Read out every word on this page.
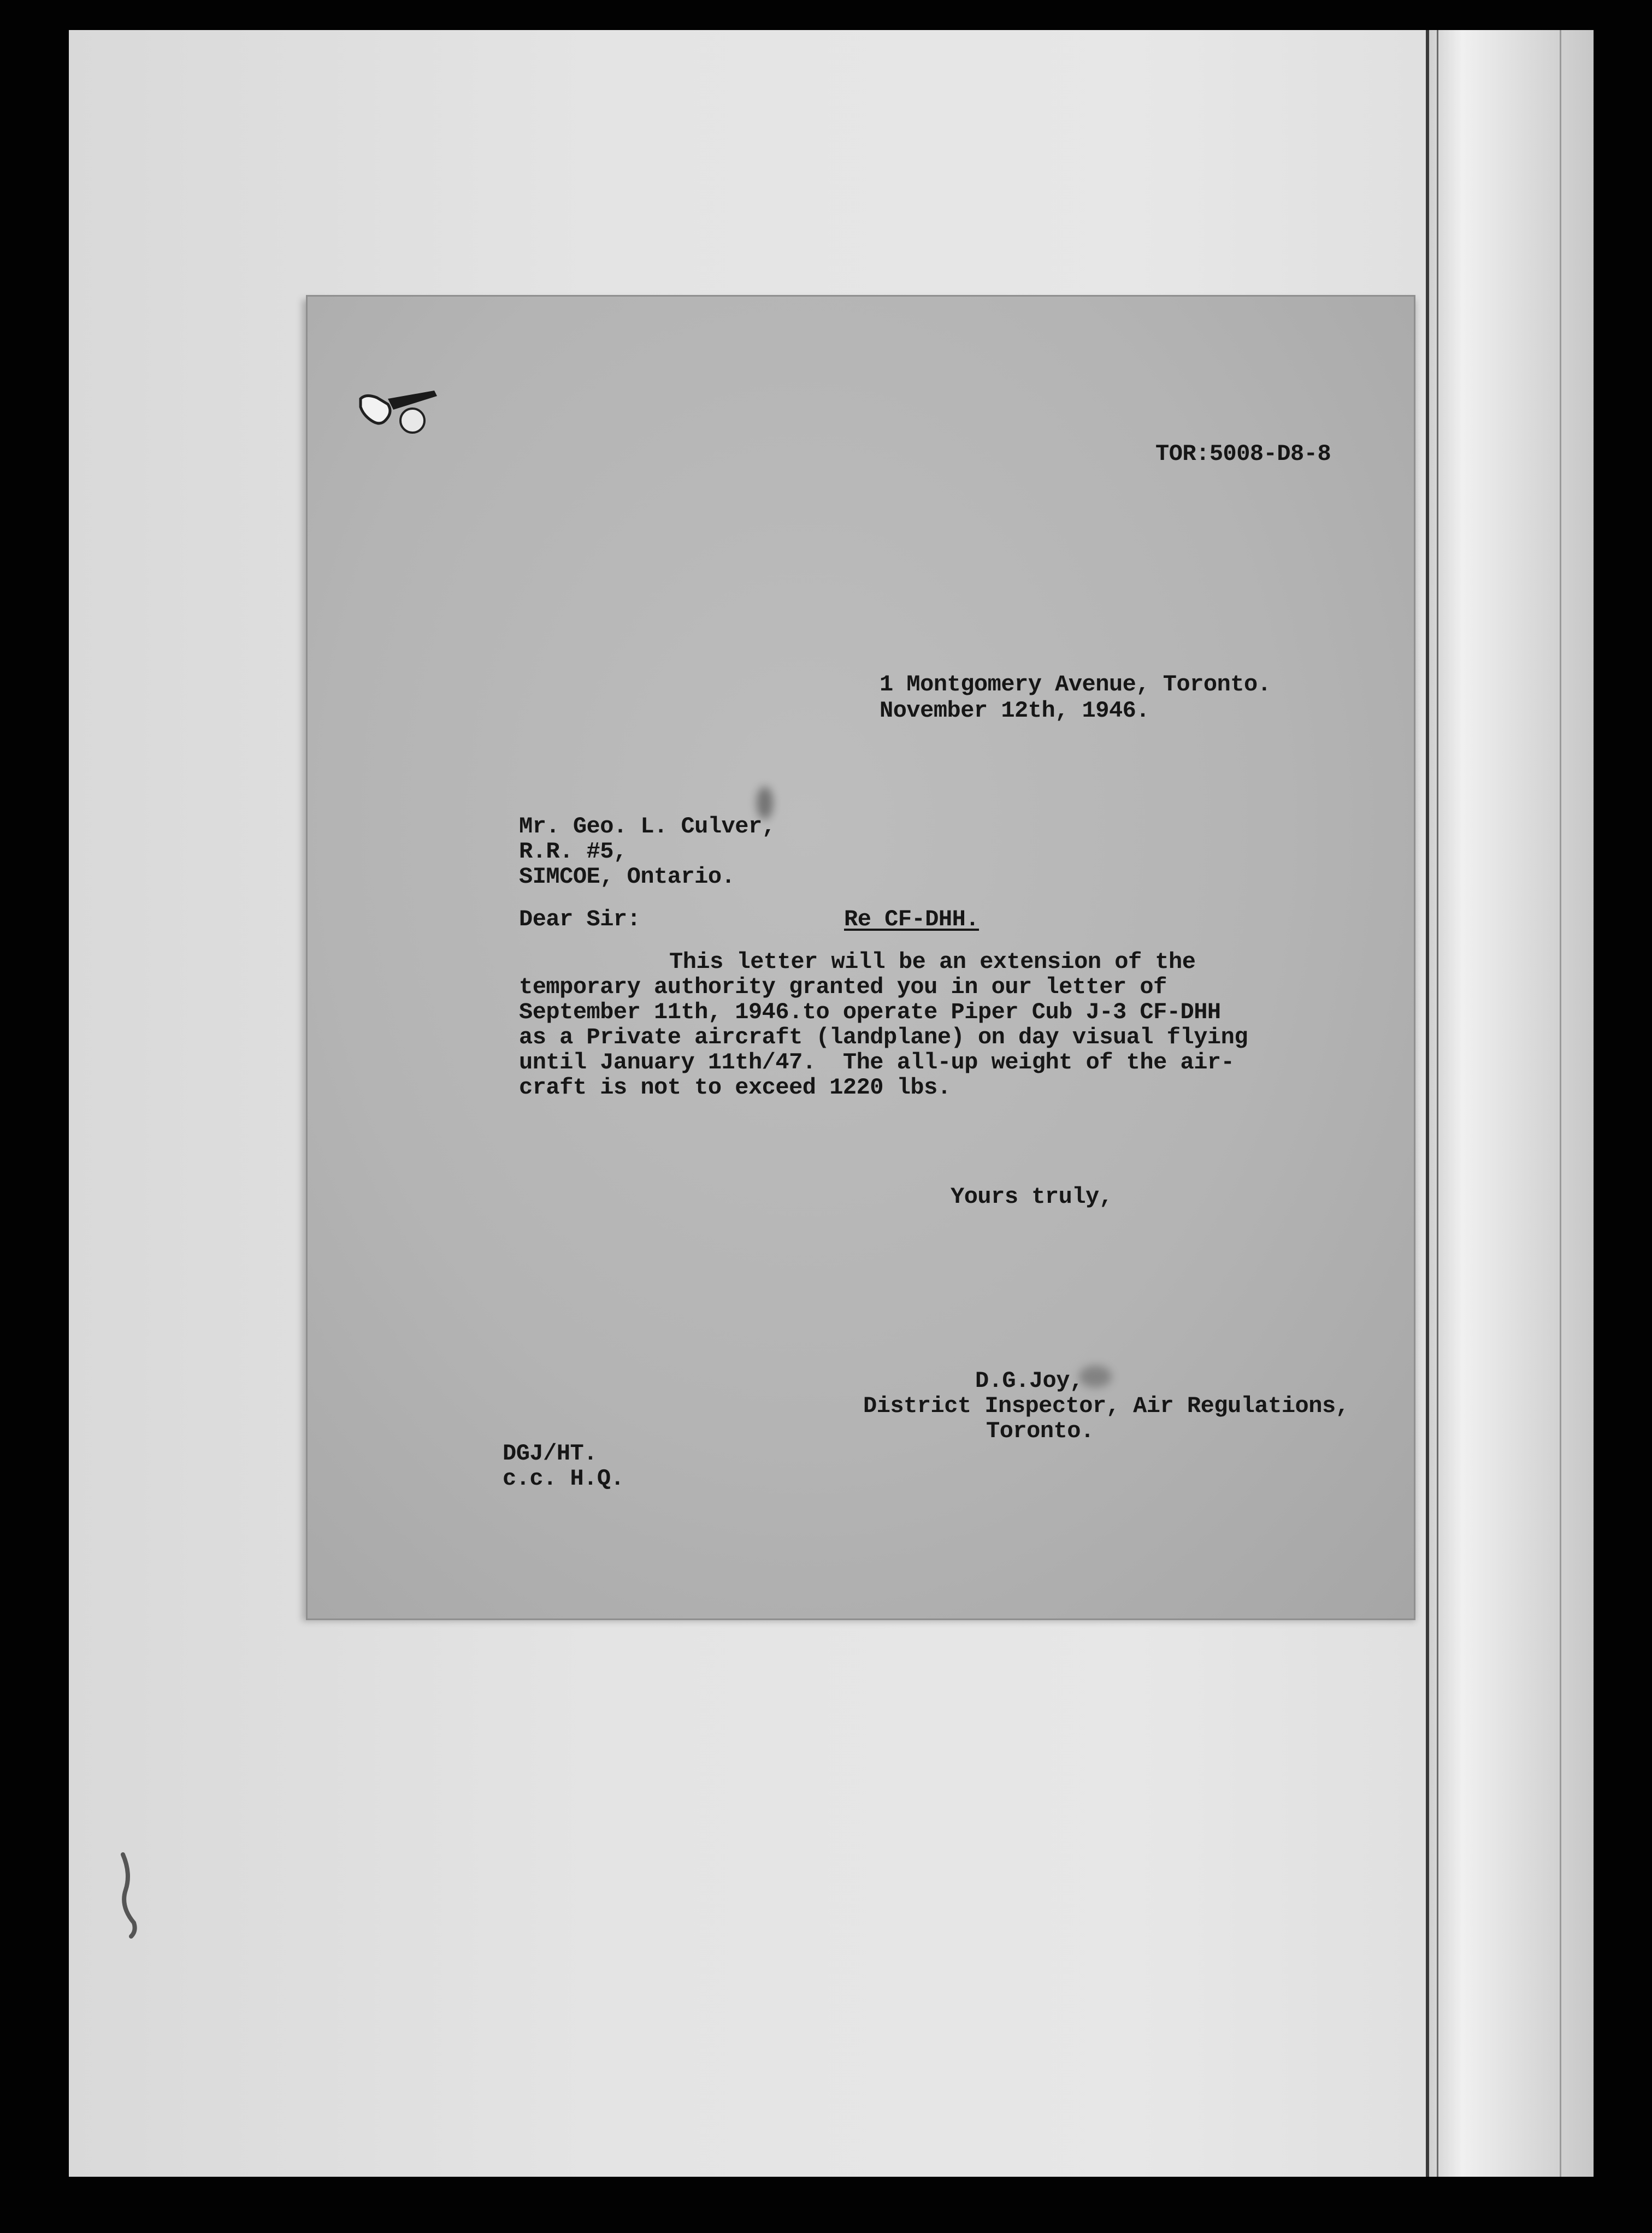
TOR:5008-D8-8
1 Montgomery Avenue, Toronto.
November 12th, 1946.
Mr. Geo. L. Culver,
R.R. #5,
SIMCOE, Ontario.
Dear Sir:	Re CF-DHH.
This letter will be an extension of the
temporary authority granted you in our letter of
September 11th, 1946.to operate Piper Cub J-3 CF-DHH
as a Private aircraft (landplane) on day visual flying
until January 11th/47.  The all-up weight of the air-
craft is not to exceed 1220 lbs.
Yours truly,
D.G.Joy,
District Inspector, Air Regulations,
Toronto.
DGJ/HT.
c.c. H.Q.
